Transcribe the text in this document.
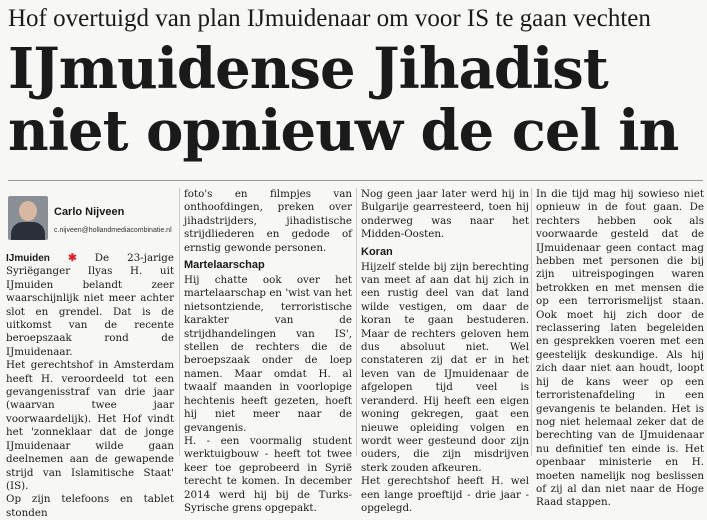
Hof overtuigd van plan IJmuidenaar om voor IS te gaan vechten
IJmuidense Jihadist
niet opnieuw de cel in
Carlo Nijveen
c.nijveen@hollandmediacombinatie.nl

IJmuiden ✱ De 23-jarige Syriëganger Ilyas H. uit IJmuiden belandt zeer waarschijnlijk niet meer achter slot en grendel. Dat is de uitkomst van de recente beroepszaak rond de IJmuidenaar.

Het gerechtshof in Amsterdam heeft H. veroordeeld tot een gevangenisstraf van drie jaar (waarvan twee jaar voorwaardelijk). Het Hof vindt het 'zonneklaar dat de jonge IJmuidenaar wilde gaan deelnemen aan de gewapende strijd van Islamitische Staat' (IS).

Op zijn telefoons en tablet stonden

foto's en filmpjes van onthoofdingen, preken over jihadstrijders, jihadistische strijdliederen en gedode of ernstig gewonde personen.

Martelaarschap

Hij chatte ook over het martelaarschap en 'wist van het nietsontziende, terroristische karakter van de strijdhandelingen van IS', stellen de rechters die de beroepszaak onder de loep namen. Maar omdat H. al twaalf maanden in voorlopige hechtenis heeft gezeten, hoeft hij niet meer naar de gevangenis.

H. - een voormalig student werktuigbouw - heeft tot twee keer toe geprobeerd in Syrië terecht te komen. In december 2014 werd hij bij de Turks-Syrische grens opgepakt.

Nog geen jaar later werd hij in Bulgarije gearresteerd, toen hij onderweg was naar het Midden-Oosten.

Koran

Hijzelf stelde bij zijn berechting van meet af aan dat hij zich in een rustig deel van dat land wilde vestigen, om daar de koran te gaan bestuderen. Maar de rechters geloven hem dus absoluut niet. Wel constateren zij dat er in het leven van de IJmuidenaar de afgelopen tijd veel is veranderd. Hij heeft een eigen woning gekregen, gaat een nieuwe opleiding volgen en wordt weer gesteund door zijn ouders, die zijn misdrijven sterk zouden afkeuren.

Het gerechtshof heeft H. wel een lange proeftijd - drie jaar - opgelegd.

In die tijd mag hij sowieso niet opnieuw in de fout gaan. De rechters hebben ook als voorwaarde gesteld dat de IJmuidenaar geen contact mag hebben met personen die bij zijn uitreispogingen waren betrokken en met mensen die op een terrorismelijst staan. Ook moet hij zich door de reclassering laten begeleiden en gesprekken voeren met een geestelijk deskundige. Als hij zich daar niet aan houdt, loopt hij de kans weer op een terroristenafdeling in een gevangenis te belanden. Het is nog niet helemaal zeker dat de berechting van de IJmuidenaar nu definitief ten einde is. Het openbaar ministerie en H. moeten namelijk nog beslissen of zij al dan niet naar de Hoge Raad stappen.
